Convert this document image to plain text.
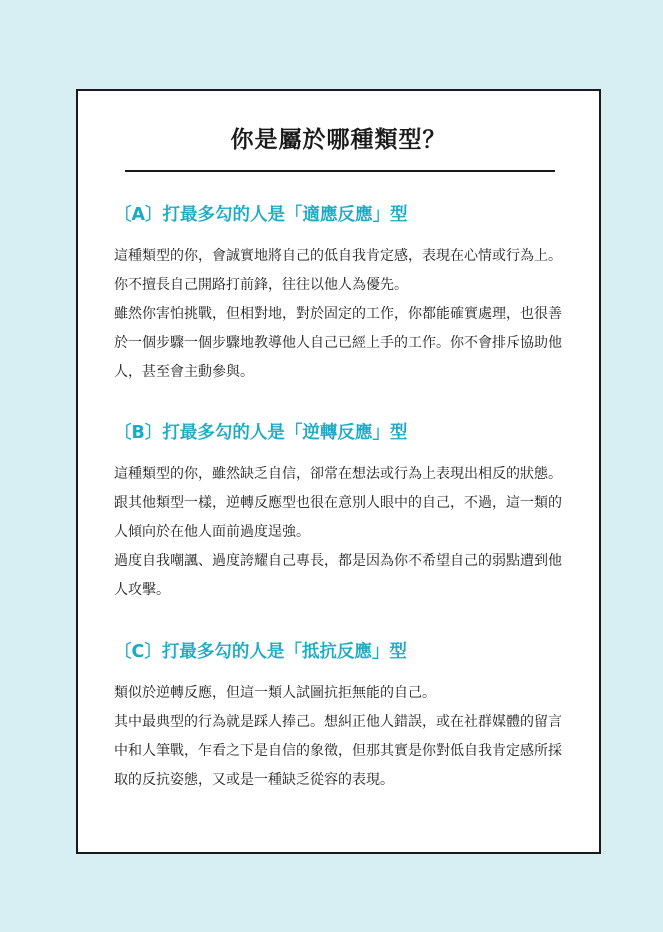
你是屬於哪種類型？
〔A〕打最多勾的人是「適應反應」型

這種類型的你，會誠實地將自己的低自我肯定感，表現在心情或行為上。

你不擅長自己開路打前鋒，往往以他人為優先。

雖然你害怕挑戰，但相對地，對於固定的工作，你都能確實處理，也很善於一個步驟一個步驟地教導他人自己已經上手的工作。你不會排斥協助他人，甚至會主動參與。

〔B〕打最多勾的人是「逆轉反應」型

這種類型的你，雖然缺乏自信，卻常在想法或行為上表現出相反的狀態。

跟其他類型一樣，逆轉反應型也很在意別人眼中的自己，不過，這一類的人傾向於在他人面前過度逞強。

過度自我嘲諷、過度誇耀自己專長，都是因為你不希望自己的弱點遭到他人攻擊。

〔C〕打最多勾的人是「抵抗反應」型

類似於逆轉反應，但這一類人試圖抗拒無能的自己。

其中最典型的行為就是踩人捧己。想糾正他人錯誤，或在社群媒體的留言中和人筆戰，乍看之下是自信的象徵，但那其實是你對低自我肯定感所採取的反抗姿態，又或是一種缺乏從容的表現。
